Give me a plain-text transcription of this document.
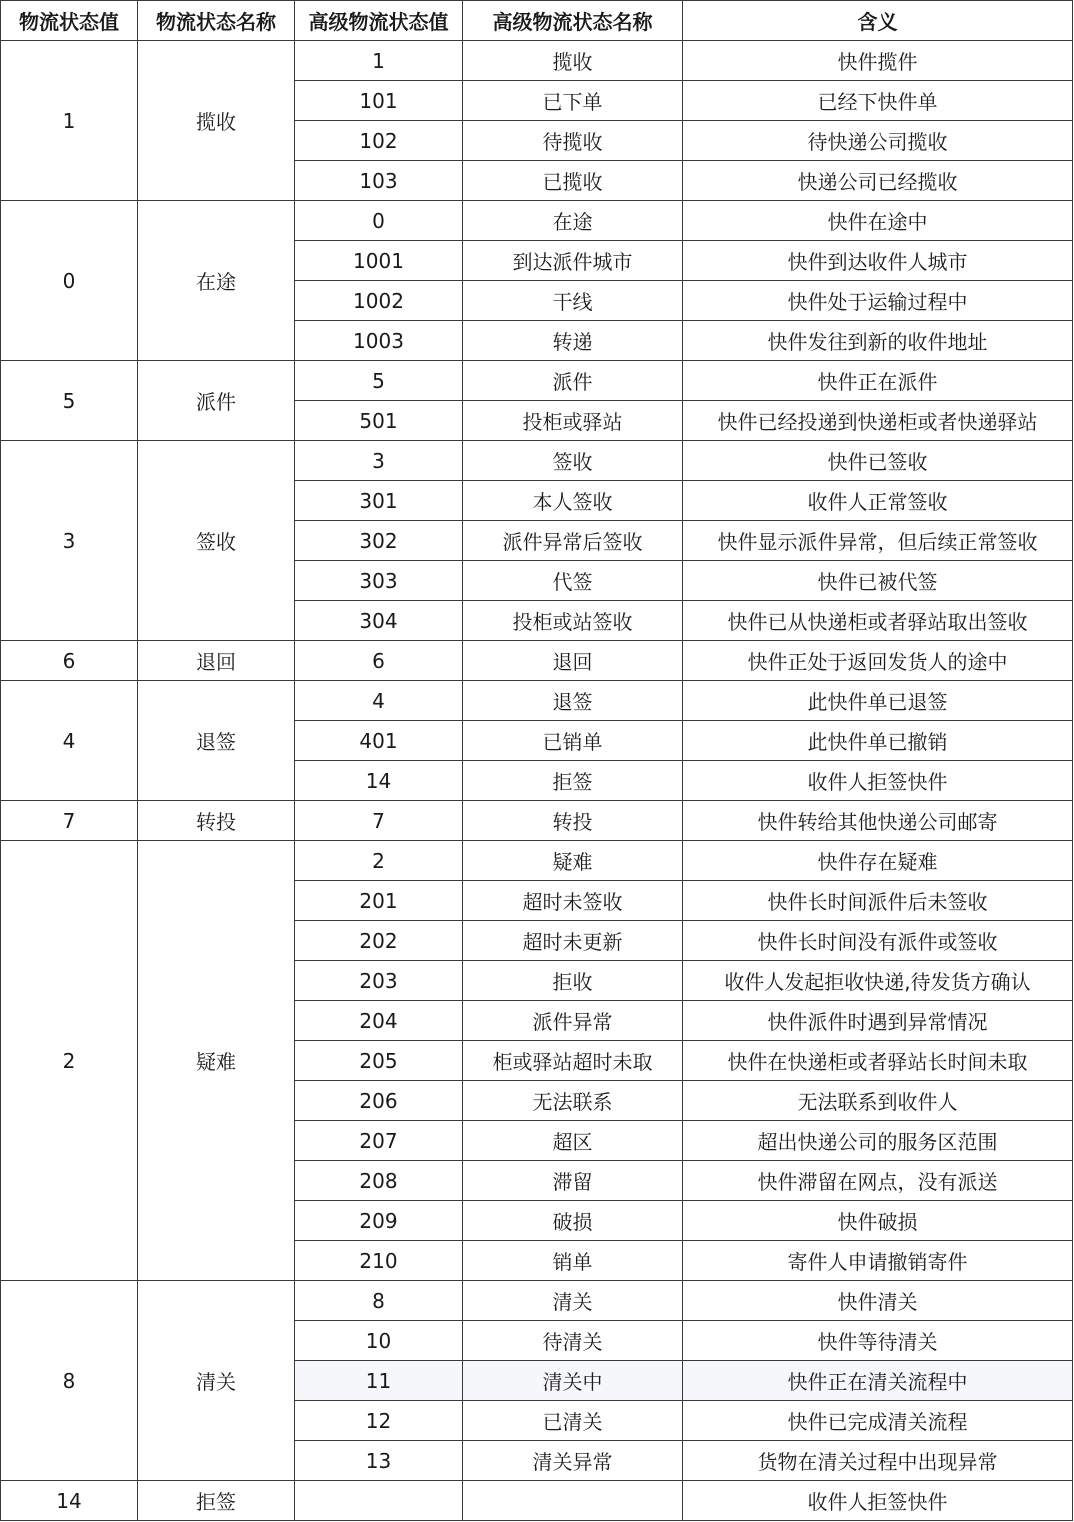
物流状态值	物流状态名称	高级物流状态值	高级物流状态名称	含义
1	揽收	1	揽收	快件揽件
		101	已下单	已经下快件单
		102	待揽收	待快递公司揽收
		103	已揽收	快递公司已经揽收
0	在途	0	在途	快件在途中
		1001	到达派件城市	快件到达收件人城市
		1002	干线	快件处于运输过程中
		1003	转递	快件发往到新的收件地址
5	派件	5	派件	快件正在派件
		501	投柜或驿站	快件已经投递到快递柜或者快递驿站
3	签收	3	签收	快件已签收
		301	本人签收	收件人正常签收
		302	派件异常后签收	快件显示派件异常，但后续正常签收
		303	代签	快件已被代签
		304	投柜或站签收	快件已从快递柜或者驿站取出签收
6	退回	6	退回	快件正处于返回发货人的途中
4	退签	4	退签	此快件单已退签
		401	已销单	此快件单已撤销
		14	拒签	收件人拒签快件
7	转投	7	转投	快件转给其他快递公司邮寄
2	疑难	2	疑难	快件存在疑难
		201	超时未签收	快件长时间派件后未签收
		202	超时未更新	快件长时间没有派件或签收
		203	拒收	收件人发起拒收快递,待发货方确认
		204	派件异常	快件派件时遇到异常情况
		205	柜或驿站超时未取	快件在快递柜或者驿站长时间未取
		206	无法联系	无法联系到收件人
		207	超区	超出快递公司的服务区范围
		208	滞留	快件滞留在网点，没有派送
		209	破损	快件破损
		210	销单	寄件人申请撤销寄件
8	清关	8	清关	快件清关
		10	待清关	快件等待清关
		11	清关中	快件正在清关流程中
		12	已清关	快件已完成清关流程
		13	清关异常	货物在清关过程中出现异常
14	拒签			收件人拒签快件
